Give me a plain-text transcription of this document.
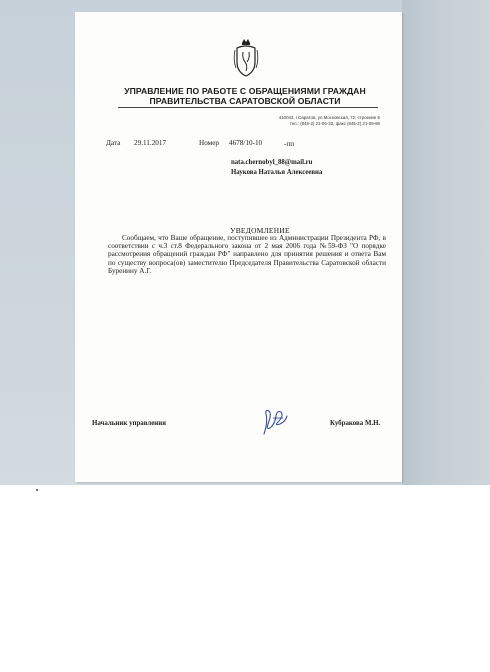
УПРАВЛЕНИЕ ПО РАБОТЕ С ОБРАЩЕНИЯМИ ГРАЖДАН
ПРАВИТЕЛЬСТВА САРАТОВСКОЙ ОБЛАСТИ
410042, г.Саратов, ул.Московская, 72, строение 6
тел.: (845-2) 21-06-32, факс (845-2) 21-09-86
Дата 29.11.2017	Номер 4678/10-10	-пп
nata.chernobyl_88@mail.ru
Наукова Наталья Алексеевна
УВЕДОМЛЕНИЕ
Сообщаем, что Ваше обращение, поступившее из Администрации Президента РФ, в соответствии с ч.3 ст.8 Федерального закона от 2 мая 2006 года №59-ФЗ "О порядке рассмотрения обращений граждан РФ" направлено для принятия решения и ответа Вам по существу вопроса(ов) заместителю Председателя Правительства Саратовской области Буренину А.Г.
Начальник управления	Кубракова М.Н.
